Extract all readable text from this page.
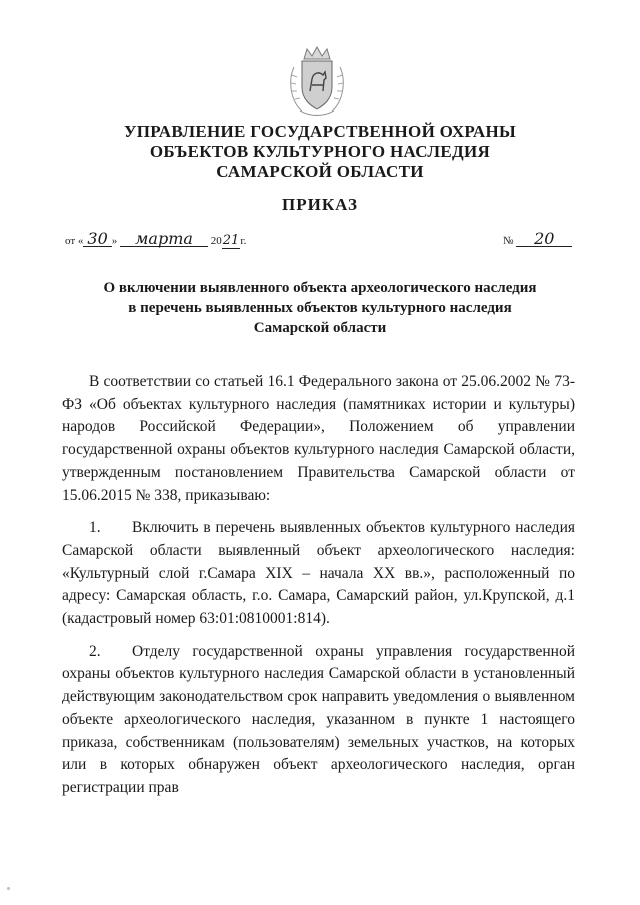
УПРАВЛЕНИЕ ГОСУДАРСТВЕННОЙ ОХРАНЫ
ОБЪЕКТОВ КУЛЬТУРНОГО НАСЛЕДИЯ
САМАРСКОЙ ОБЛАСТИ
ПРИКАЗ
от « 30 » марта 2021г.	№ 20
О включении выявленного объекта археологического наследия
в перечень выявленных объектов культурного наследия
Самарской области

В соответствии со статьей 16.1 Федерального закона от 25.06.2002 № 73-ФЗ «Об объектах культурного наследия (памятниках истории и культуры) народов Российской Федерации», Положением об управлении государственной охраны объектов культурного наследия Самарской области, утвержденным постановлением Правительства Самарской области от 15.06.2015 № 338, приказываю:

1. Включить в перечень выявленных объектов культурного наследия Самарской области выявленный объект археологического наследия: «Культурный слой г.Самара XIX – начала XX вв.», расположенный по адресу: Самарская область, г.о. Самара, Самарский район, ул.Крупской, д.1 (кадастровый номер 63:01:0810001:814).

2. Отделу государственной охраны управления государственной охраны объектов культурного наследия Самарской области в установленный действующим законодательством срок направить уведомления о выявленном объекте археологического наследия, указанном в пункте 1 настоящего приказа, собственникам (пользователям) земельных участков, на которых или в которых обнаружен объект археологического наследия, орган регистрации прав
